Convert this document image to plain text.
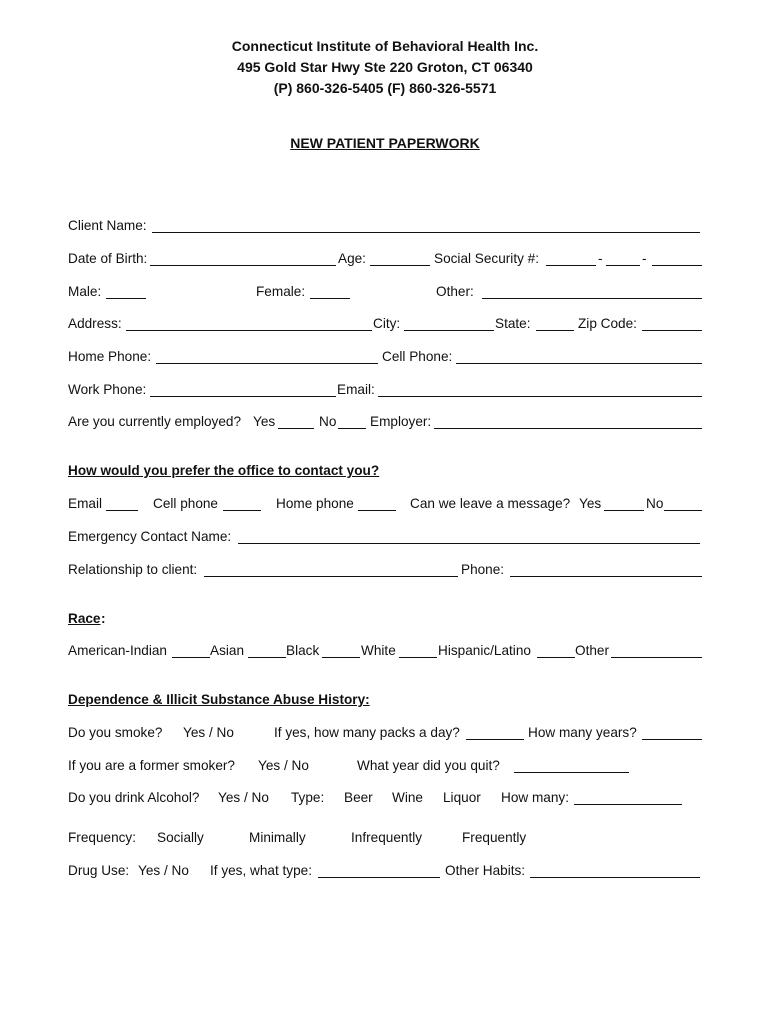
Connecticut Institute of Behavioral Health Inc.
495 Gold Star Hwy Ste 220 Groton, CT 06340
(P) 860-326-5405 (F) 860-326-5571
NEW PATIENT PAPERWORK
Client Name:
Date of Birth:	Age:	Social Security #:	-	-
Male:	Female:	Other:
Address:	City:	State:	Zip Code:
Home Phone:	Cell Phone:
Work Phone:	Email:
Are you currently employed? Yes	No Employer:
How would you prefer the office to contact you?
Email	Cell phone	Home phone	Can we leave a message? Yes	No
Emergency Contact Name:
Relationship to client:	Phone:
Race :
American-Indian	Asian	Black	White	Hispanic/Latino	Other
Dependence & Illicit Substance Abuse History:
Do you smoke? Yes / No	If yes, how many packs a day?	How many years?
If you are a former smoker? Yes / No	What year did you quit?
Do you drink Alcohol? Yes / No Type: Beer Wine Liquor How many:
Frequency: Socially	Minimally	Infrequently	Frequently
Drug Use: Yes / No If yes, what type:	Other Habits:
